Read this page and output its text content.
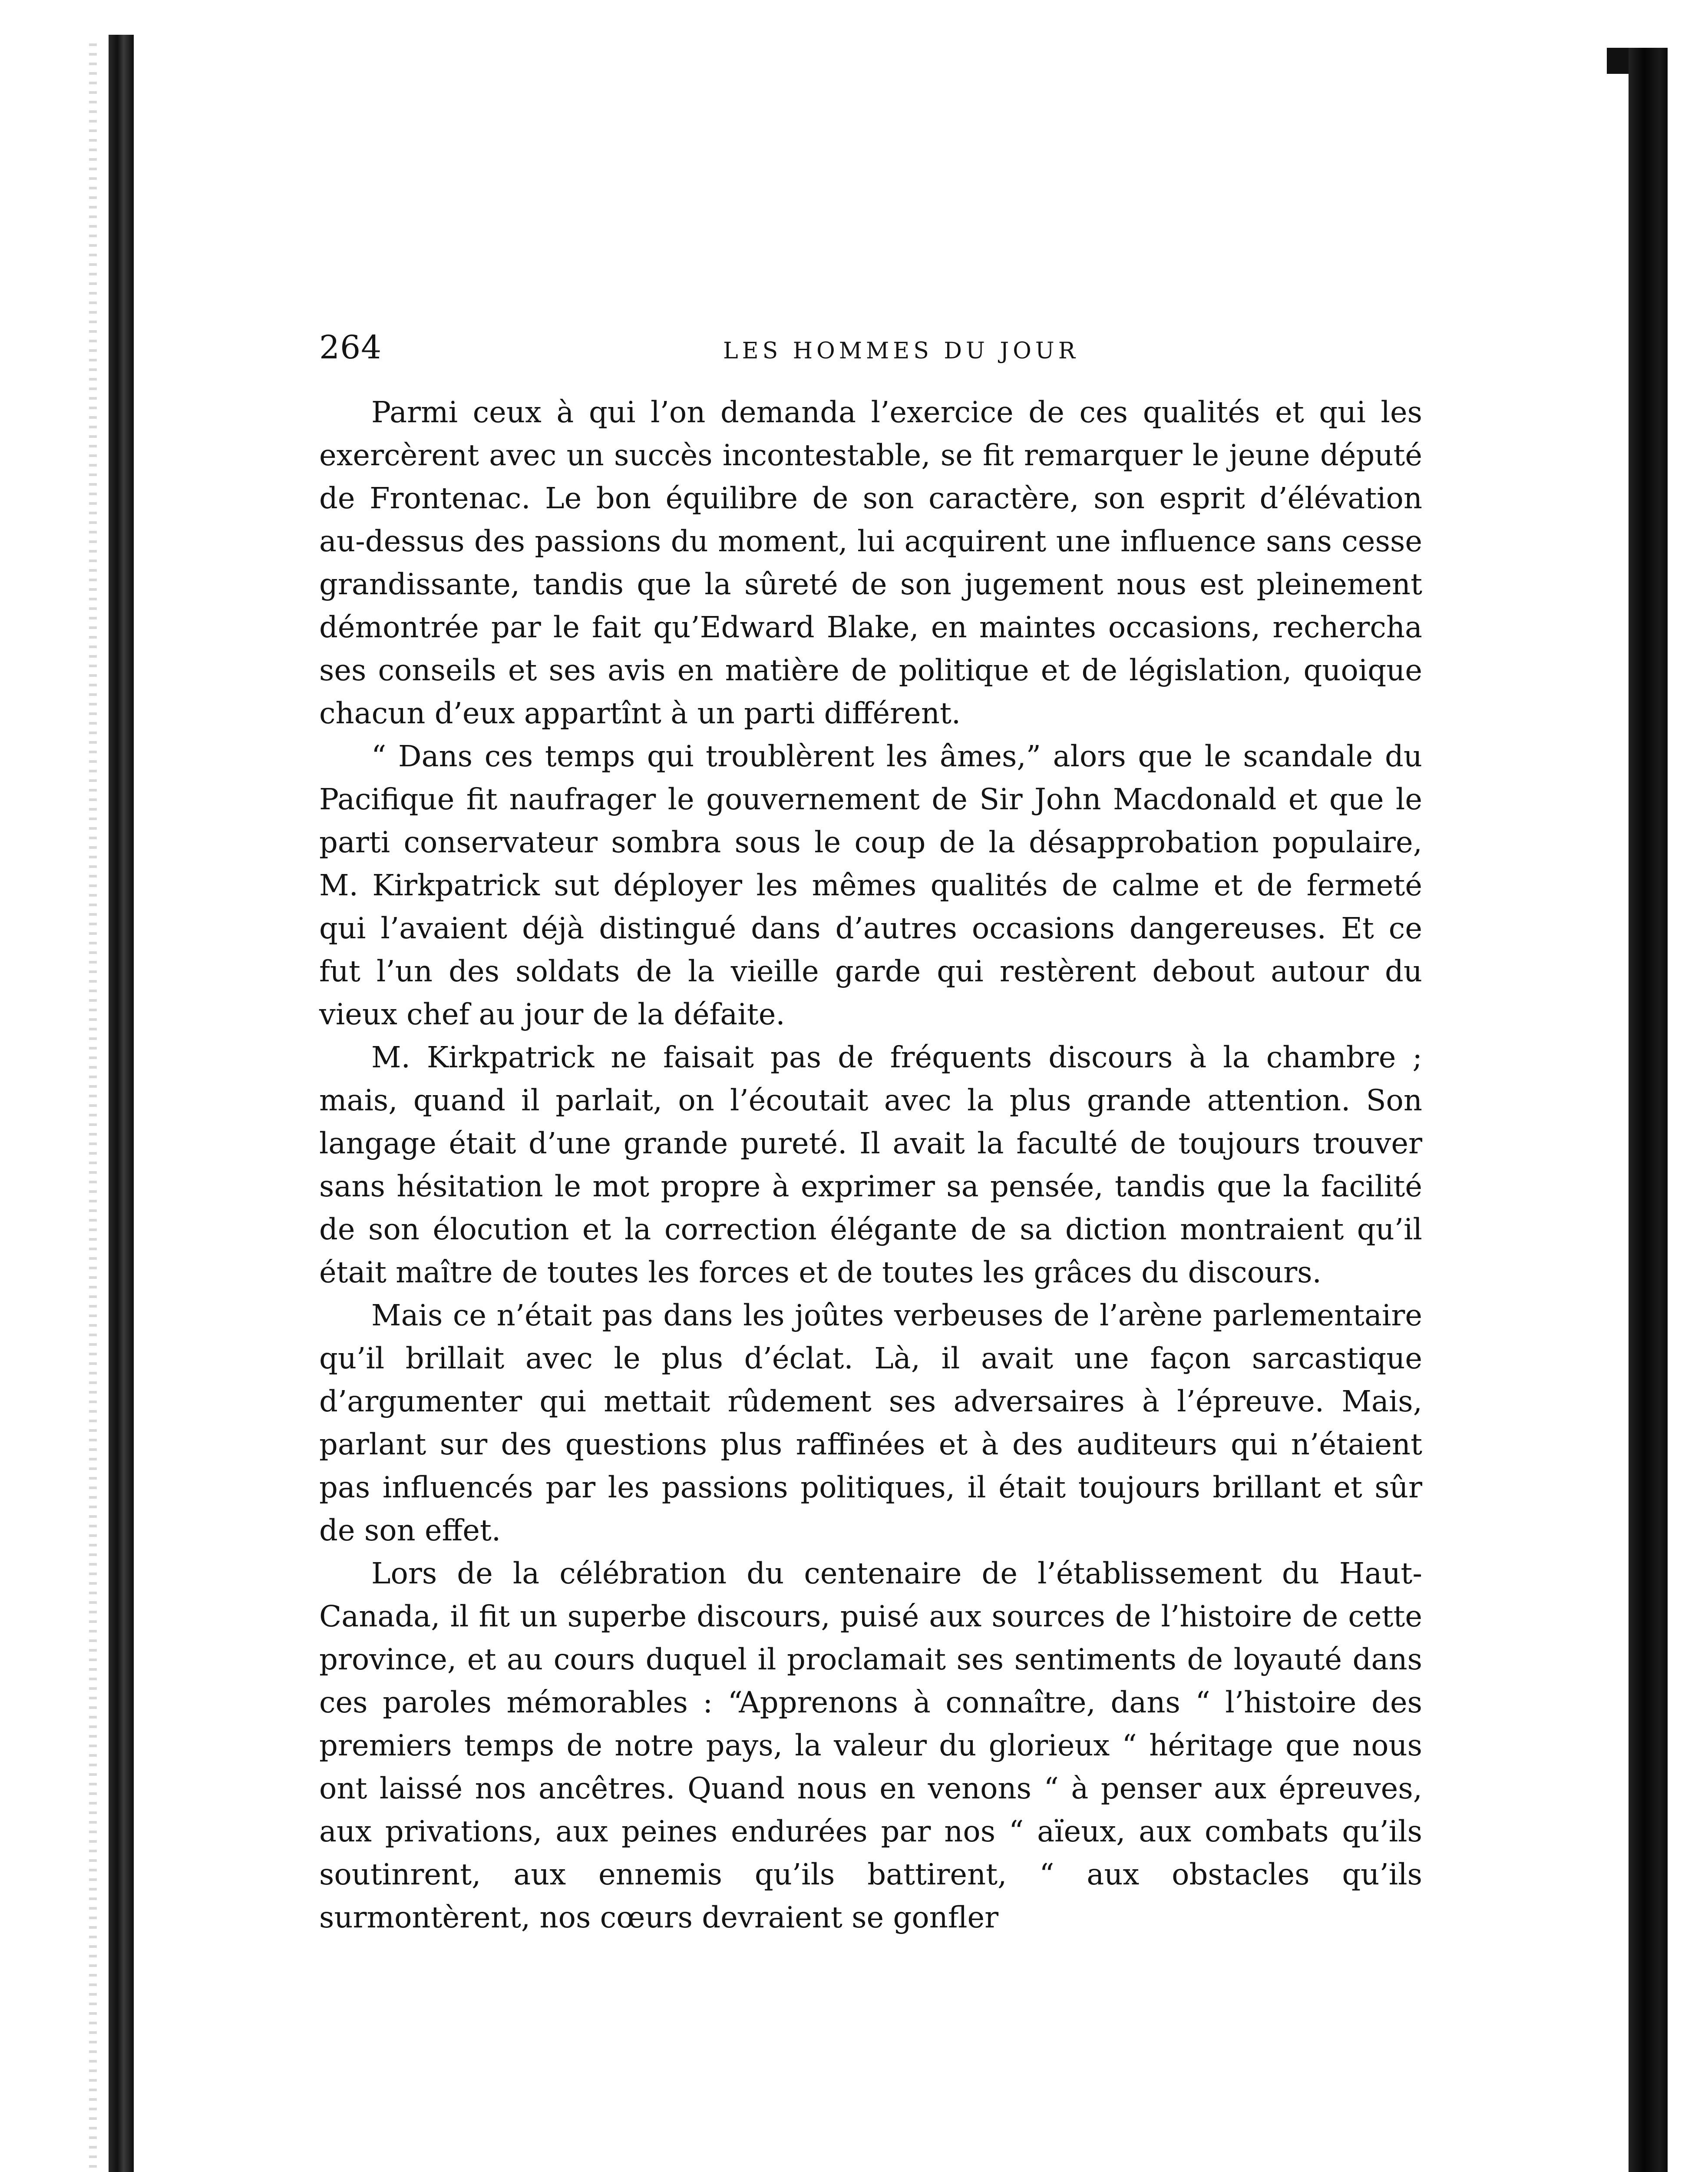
264	LES HOMMES DU JOUR

Parmi ceux à qui l’on demanda l’exercice de ces qualités et qui les exercèrent avec un succès incontestable, se fit remarquer le jeune député de Frontenac. Le bon équilibre de son caractère, son esprit d’élévation au-dessus des passions du moment, lui acquirent une influence sans cesse grandissante, tandis que la sûreté de son jugement nous est pleinement démontrée par le fait qu’Edward Blake, en maintes occasions, rechercha ses conseils et ses avis en matière de politique et de législation, quoique chacun d’eux appartînt à un parti différent.

“ Dans ces temps qui troublèrent les âmes,” alors que le scandale du Pacifique fit naufrager le gouvernement de Sir John Macdonald et que le parti conservateur sombra sous le coup de la désapprobation populaire, M. Kirkpatrick sut déployer les mêmes qualités de calme et de fermeté qui l’avaient déjà distingué dans d’autres occasions dangereuses. Et ce fut l’un des soldats de la vieille garde qui restèrent debout autour du vieux chef au jour de la défaite.

M. Kirkpatrick ne faisait pas de fréquents discours à la chambre ; mais, quand il parlait, on l’écoutait avec la plus grande attention. Son langage était d’une grande pureté. Il avait la faculté de toujours trouver sans hésitation le mot propre à exprimer sa pensée, tandis que la facilité de son élocution et la correction élégante de sa diction montraient qu’il était maître de toutes les forces et de toutes les grâces du discours.

Mais ce n’était pas dans les joûtes verbeuses de l’arène parlementaire qu’il brillait avec le plus d’éclat. Là, il avait une façon sarcastique d’argumenter qui mettait rûdement ses adversaires à l’épreuve. Mais, parlant sur des questions plus raffinées et à des auditeurs qui n’étaient pas influencés par les passions politiques, il était toujours brillant et sûr de son effet.

Lors de la célébration du centenaire de l’établissement du Haut-Canada, il fit un superbe discours, puisé aux sources de l’histoire de cette province, et au cours duquel il proclamait ses sentiments de loyauté dans ces paroles mémorables : “Apprenons à connaître, dans “ l’histoire des premiers temps de notre pays, la valeur du glorieux “ héritage que nous ont laissé nos ancêtres. Quand nous en venons “ à penser aux épreuves, aux privations, aux peines endurées par nos “ aïeux, aux combats qu’ils soutinrent, aux ennemis qu’ils battirent, “ aux obstacles qu’ils surmontèrent, nos cœurs devraient se gonfler
